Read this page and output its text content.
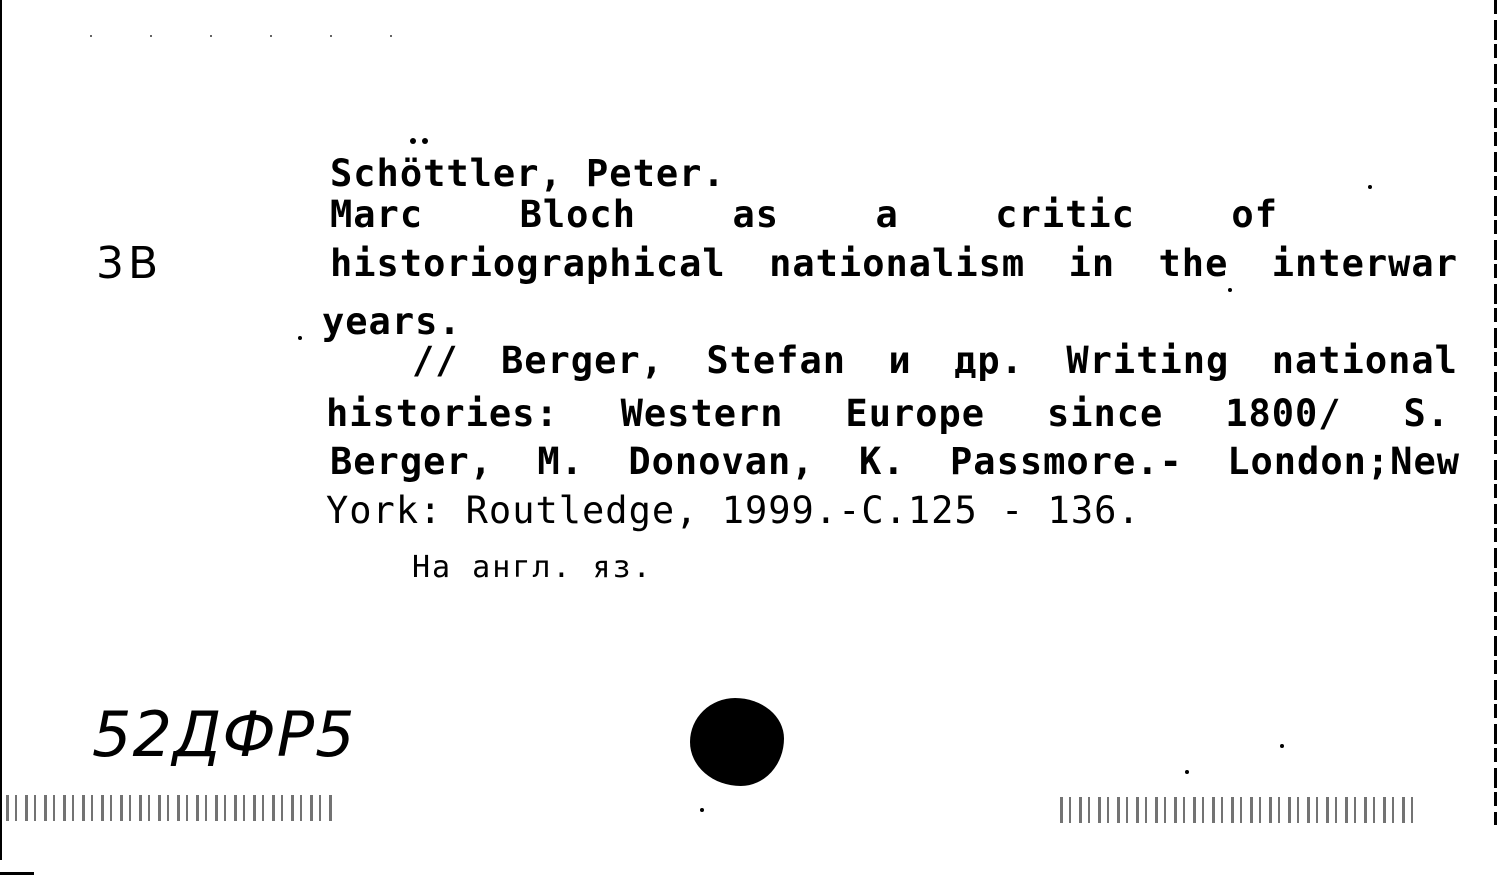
3B
Schöttler, Peter.
Marc	Bloch	as	a	critic	of
historiographical nationalism in the interwar
years.
// Berger, Stefan и др. Writing national
histories: Western Europe since 1800/ S.
Berger, M. Donovan, K. Passmore.- London;New
York: Routledge, 1999.-C.125 - 136.
На англ. яз.
52ДФР5
